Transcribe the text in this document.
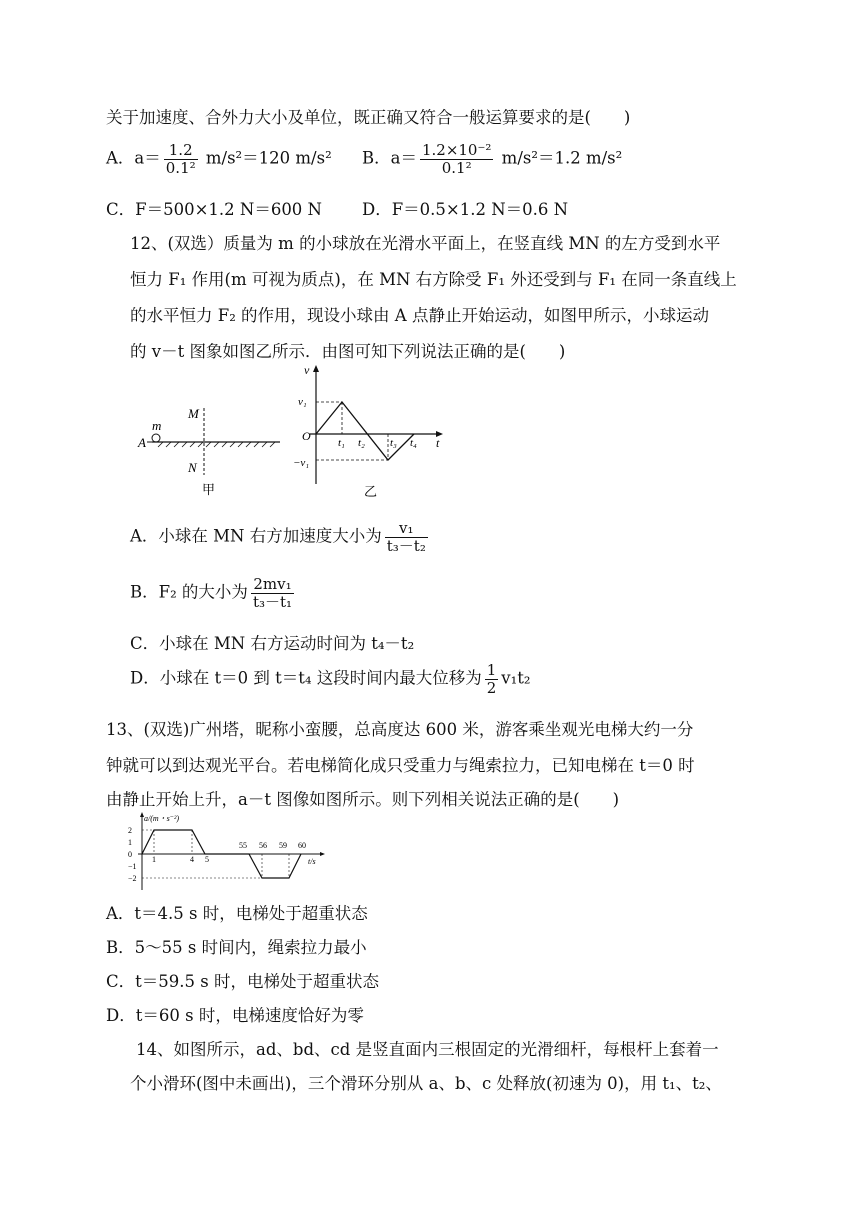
关于加速度、合外力大小及单位，既正确又符合一般运算要求的是(　　)
A．$a= \frac{1.2}{\text{0.1²}} m/s^2=120$ m/s² B．$a= \frac{\text{1.2×10⁻²}}{\text{0.1²}} m/s^2=1.2$ m/s²
C．F＝500×1.2 N＝600 N D．F＝0.5×1.2 N＝0.6 N
12、(双选）质量为 m 的小球放在光滑水平面上，在竖直线 MN 的左方受到水平
恒力 F₁ 作用(m 可视为质点)，在 MN 右方除受 F₁ 外还受到与 F₁ 在同一条直线上
的水平恒力 F₂ 的作用，现设小球由 A 点静止开始运动，如图甲所示，小球运动
的 v－t 图象如图乙所示．由图可知下列说法正确的是(　　)
A
m
M
N
甲
v
t
O
v₁
−v₁
t₁ t₂ t₃ t₄
乙
A．小球在 MN 右方加速度大小为 $\frac{\text{v₁}}{\text{t₃－t₂}}$
B．F₂ 的大小为 $\frac{\text{2mv₁}}{\text{t₃－t₁}}$
C．小球在 MN 右方运动时间为 t₄－t₂
D．小球在 t＝0 到 t＝t₄ 这段时间内最大位移为 $\frac{1}{2} v_1t_2$
13、(双选)广州塔，昵称小蛮腰，总高度达 600 米，游客乘坐观光电梯大约一分
钟就可以到达观光平台。若电梯简化成只受重力与绳索拉力，已知电梯在 t＝0 时
由静止开始上升，a－t 图像如图所示。则下列相关说法正确的是(　　)
a/(m・s⁻²)
t/s
2
1
0
−1
−2
1	4 5
55 56 59 60
A．t＝4.5 s 时，电梯处于超重状态
B．5～55 s 时间内，绳索拉力最小
C．t＝59.5 s 时，电梯处于超重状态
D．t＝60 s 时，电梯速度恰好为零
14、如图所示，ad、bd、cd 是竖直面内三根固定的光滑细杆，每根杆上套着一
个小滑环(图中未画出)，三个滑环分别从 a、b、c 处释放(初速为 0)，用 t₁、t₂、
